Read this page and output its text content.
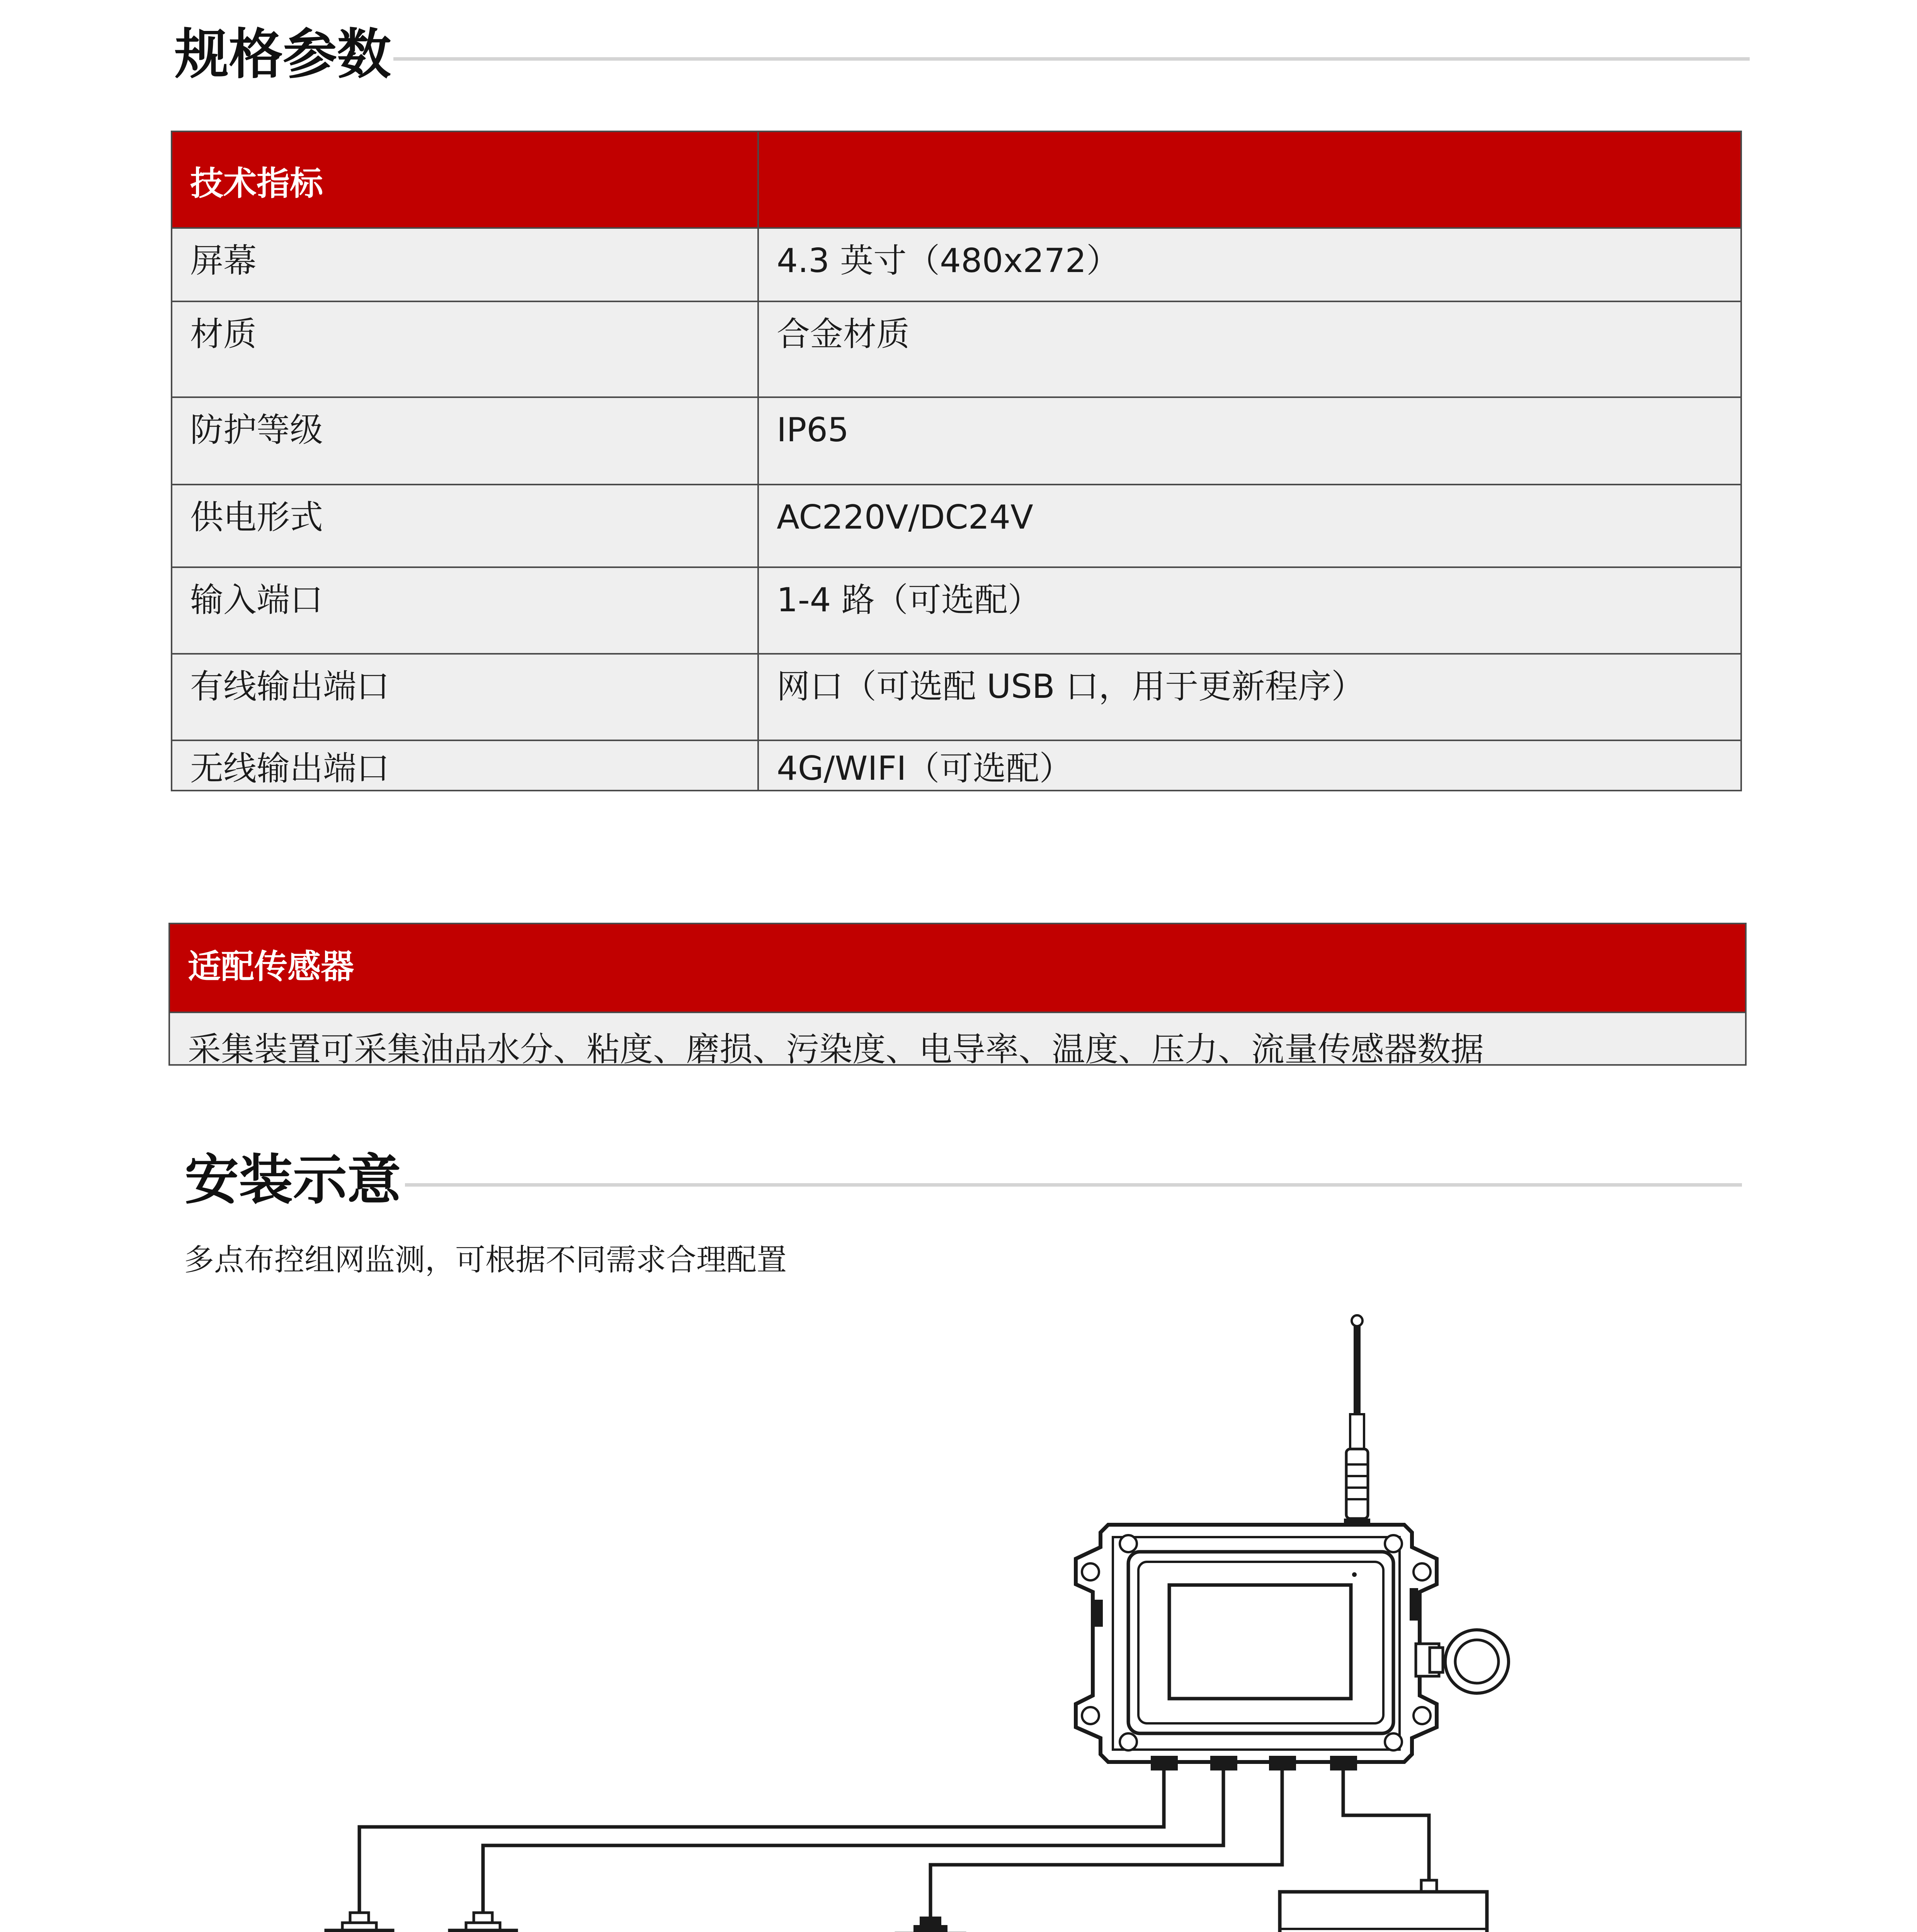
规格参数
技术指标
屏幕	4.3 英寸（480x272）
材质	合金材质
防护等级	IP65
供电形式	AC220V/DC24V
输入端口	1-4 路（可选配）
有线输出端口	网口（可选配 USB 口，用于更新程序）
无线输出端口	4G/WIFI（可选配）
适配传感器
采集装置可采集油品水分、粘度、磨损、污染度、电导率、温度、压力、流量传感器数据
安装示意
多点布控组网监测，可根据不同需求合理配置
